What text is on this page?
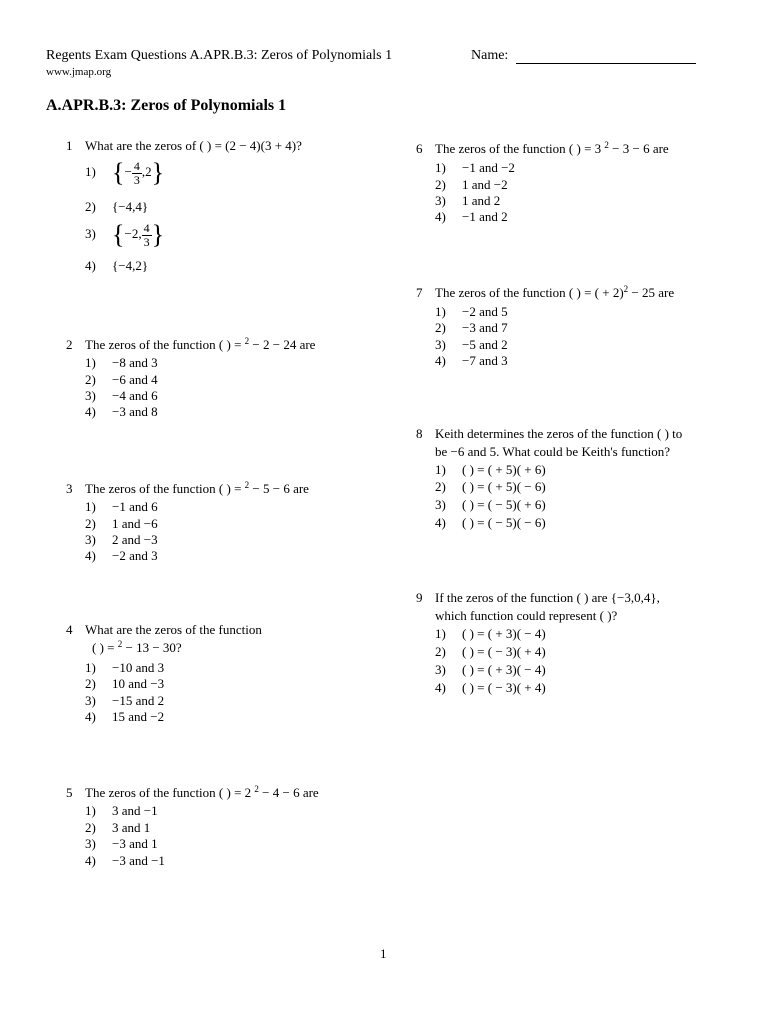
Regents Exam Questions A.APR.B.3: Zeros of Polynomials 1
www.jmap.org
Name:
A.APR.B.3: Zeros of Polynomials 1
1 What are the zeros of ( ) = (2 − 4)(3 + 4)?
1) {− $\frac{4}{3} ,2$}
2) {−4,4}
3) {−2, $\frac{4}{3}$ }
4) {−4,2}
2 The zeros of the function ( ) = $^2$ − 2 − 24 are
1) −8 and 3
2) −6 and 4
3) −4 and 6
4) −3 and 8
3 The zeros of the function ( ) = $^2$ − 5 − 6 are
1) −1 and 6
2) 1 and −6
3) 2 and −3
4) −2 and 3
4 What are the zeros of the function
( ) = $^2$ − 13 − 30?
1) −10 and 3
2) 10 and −3
3) −15 and 2
4) 15 and −2
5 The zeros of the function ( ) = 2 $^2$ − 4 − 6 are
1) 3 and −1
2) 3 and 1
3) −3 and 1
4) −3 and −1
6 The zeros of the function ( ) = 3 $^2$ − 3 − 6 are
1) −1 and −2
2) 1 and −2
3) 1 and 2
4) −1 and 2
7 The zeros of the function ( ) = ( + 2)$^2$ − 25 are
1) −2 and 5
2) −3 and 7
3) −5 and 2
4) −7 and 3
8 Keith determines the zeros of the function ( ) to
be −6 and 5. What could be Keith's function?
1) ( ) = ( + 5)( + 6)
2) ( ) = ( + 5)( − 6)
3) ( ) = ( − 5)( + 6)
4) ( ) = ( − 5)( − 6)
9 If the zeros of the function ( ) are {−3,0,4},
which function could represent ( )?
1) ( ) = ( + 3)( − 4)
2) ( ) = ( − 3)( + 4)
3) ( ) = ( + 3)( − 4)
4) ( ) = ( − 3)( + 4)
1
